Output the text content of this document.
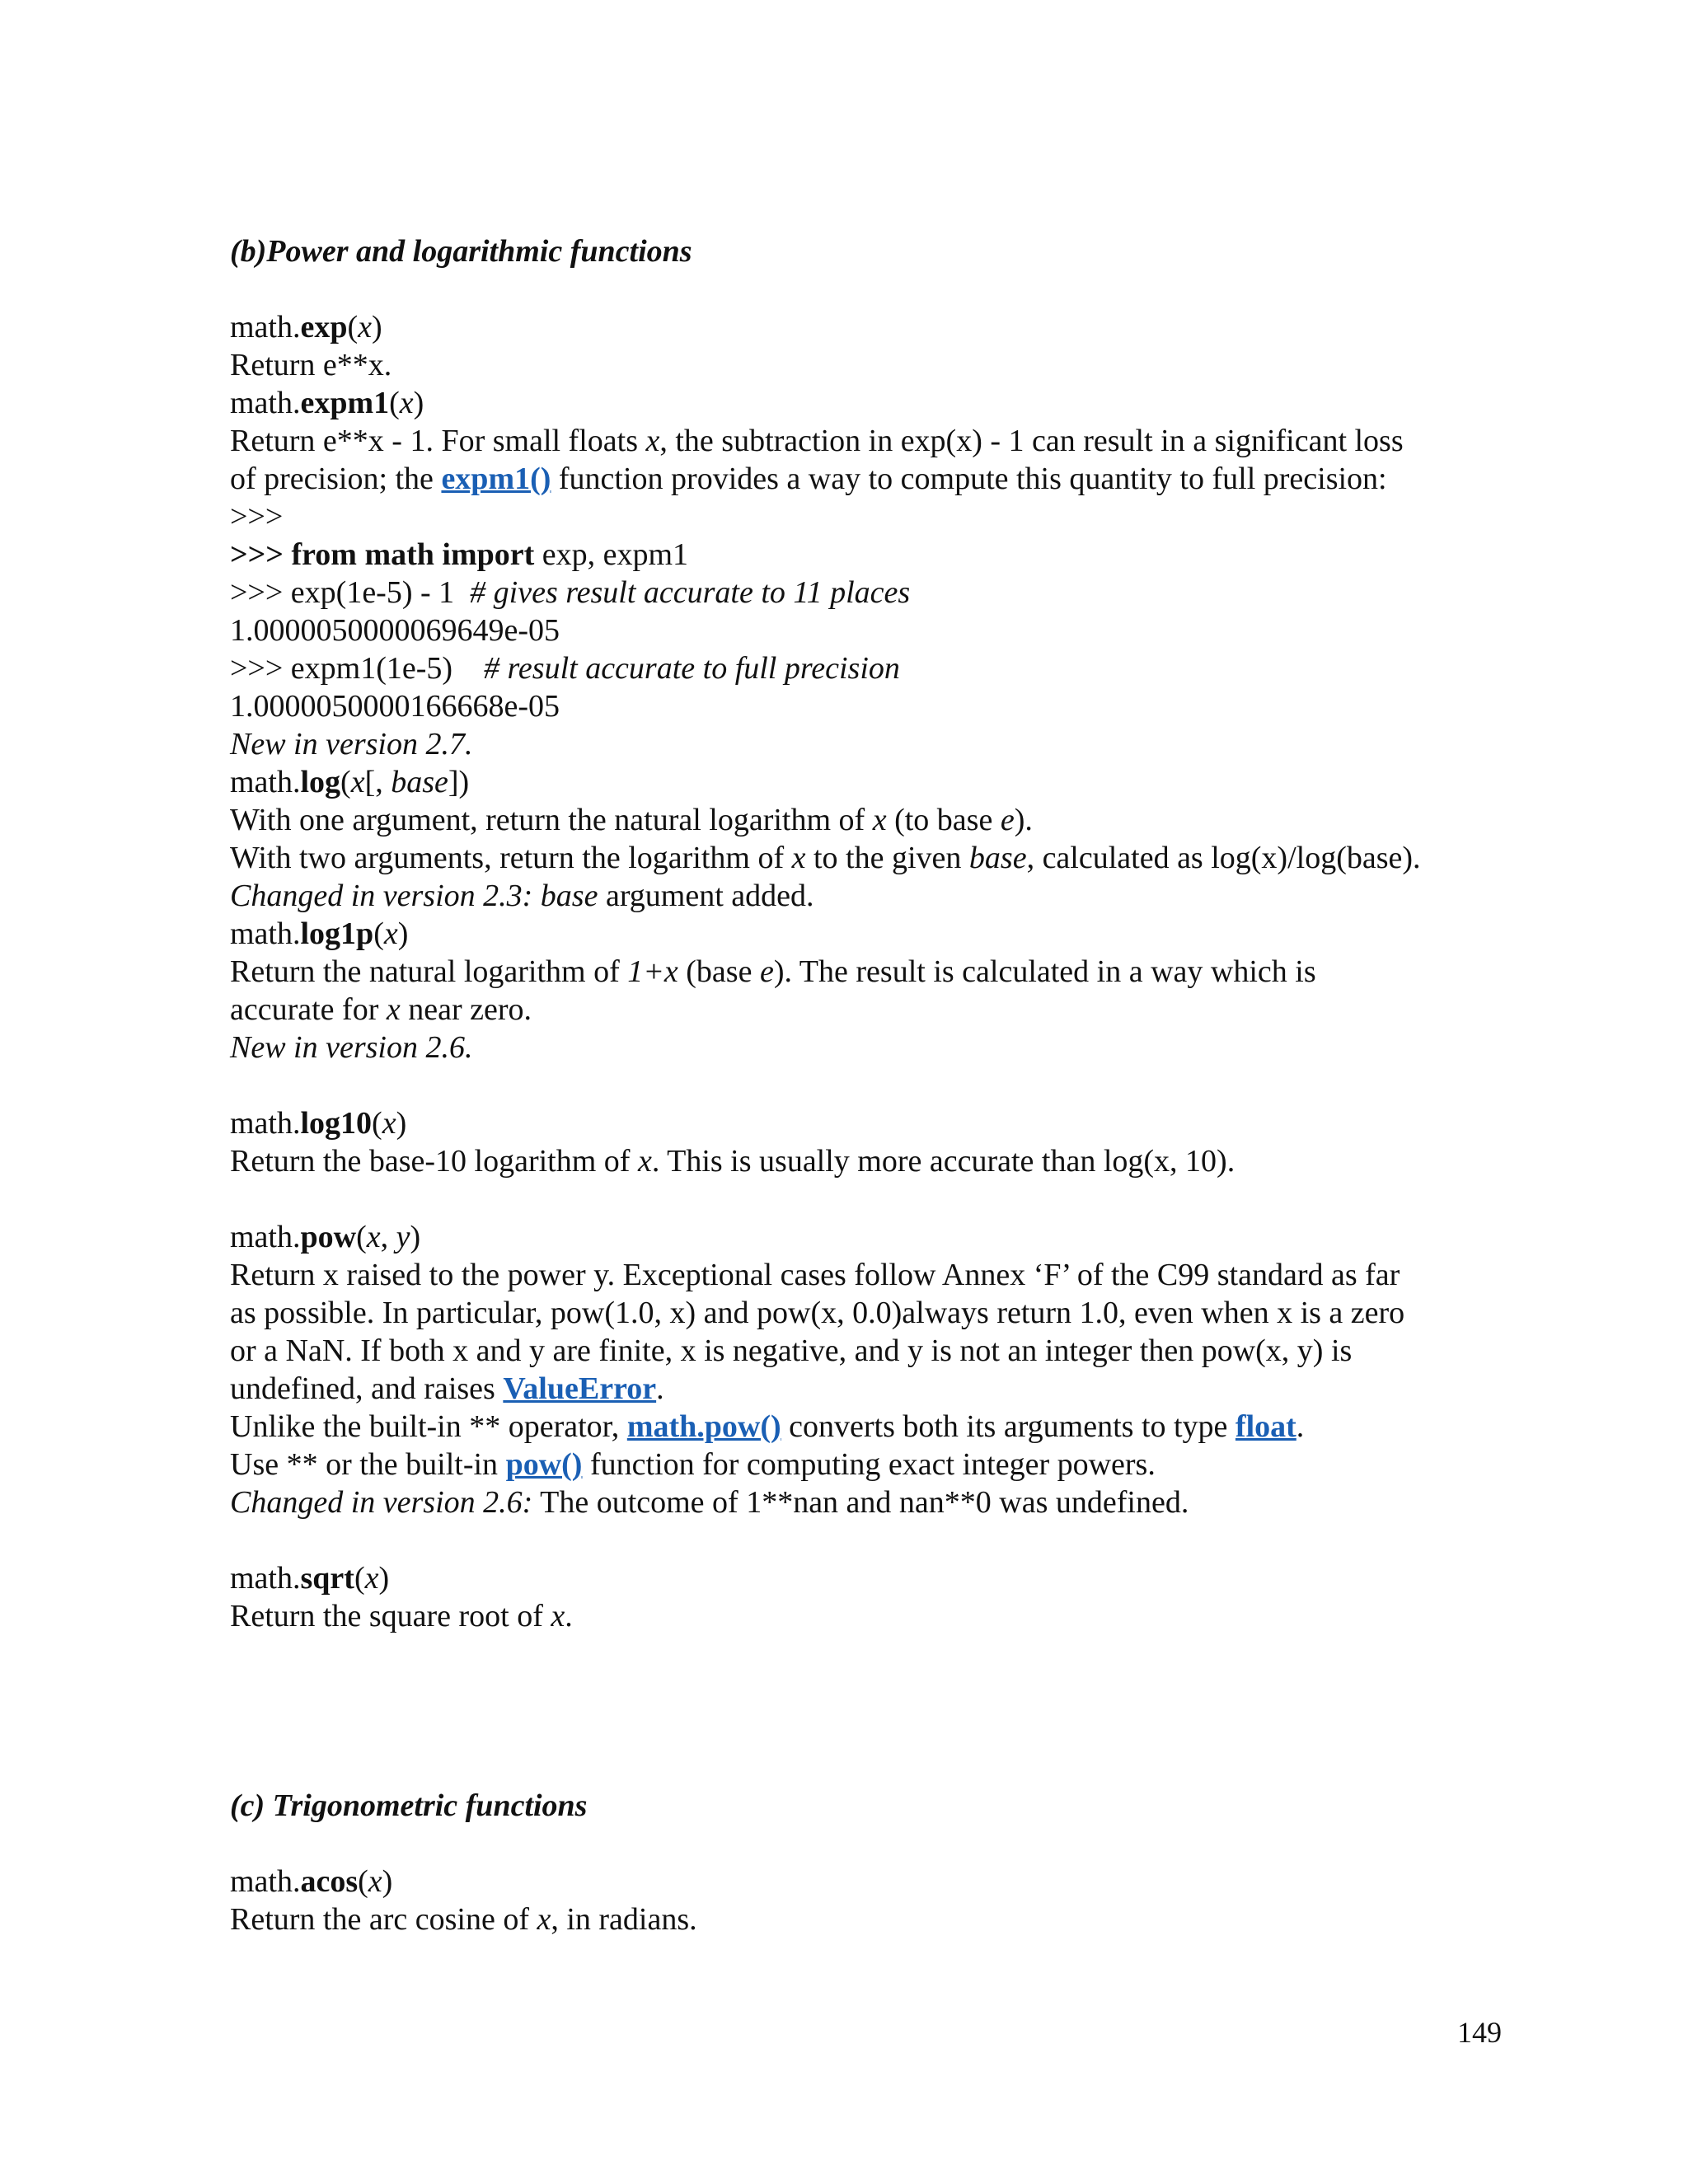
(b)Power and logarithmic functions
math.exp(x)
Return e**x.
math.expm1(x)
Return e**x - 1. For small floats x, the subtraction in exp(x) - 1 can result in a significant loss
of precision; the expm1() function provides a way to compute this quantity to full precision:
>>>
>>> from math import exp, expm1
>>> exp(1e-5) - 1  # gives result accurate to 11 places
1.0000050000069649e-05
>>> expm1(1e-5)    # result accurate to full precision
1.0000050000166668e-05
New in version 2.7.
math.log(x[, base])
With one argument, return the natural logarithm of x (to base e).
With two arguments, return the logarithm of x to the given base, calculated as log(x)/log(base).
Changed in version 2.3: base argument added.
math.log1p(x)
Return the natural logarithm of 1+x (base e). The result is calculated in a way which is
accurate for x near zero.
New in version 2.6.
math.log10(x)
Return the base-10 logarithm of x. This is usually more accurate than log(x, 10).
math.pow(x, y)
Return x raised to the power y. Exceptional cases follow Annex ‘F’ of the C99 standard as far
as possible. In particular, pow(1.0, x) and pow(x, 0.0)always return 1.0, even when x is a zero
or a NaN. If both x and y are finite, x is negative, and y is not an integer then pow(x, y) is
undefined, and raises ValueError.
Unlike the built-in ** operator, math.pow() converts both its arguments to type float.
Use ** or the built-in pow() function for computing exact integer powers.
Changed in version 2.6: The outcome of 1**nan and nan**0 was undefined.
math.sqrt(x)
Return the square root of x.
(c) Trigonometric functions
math.acos(x)
Return the arc cosine of x, in radians.
149
